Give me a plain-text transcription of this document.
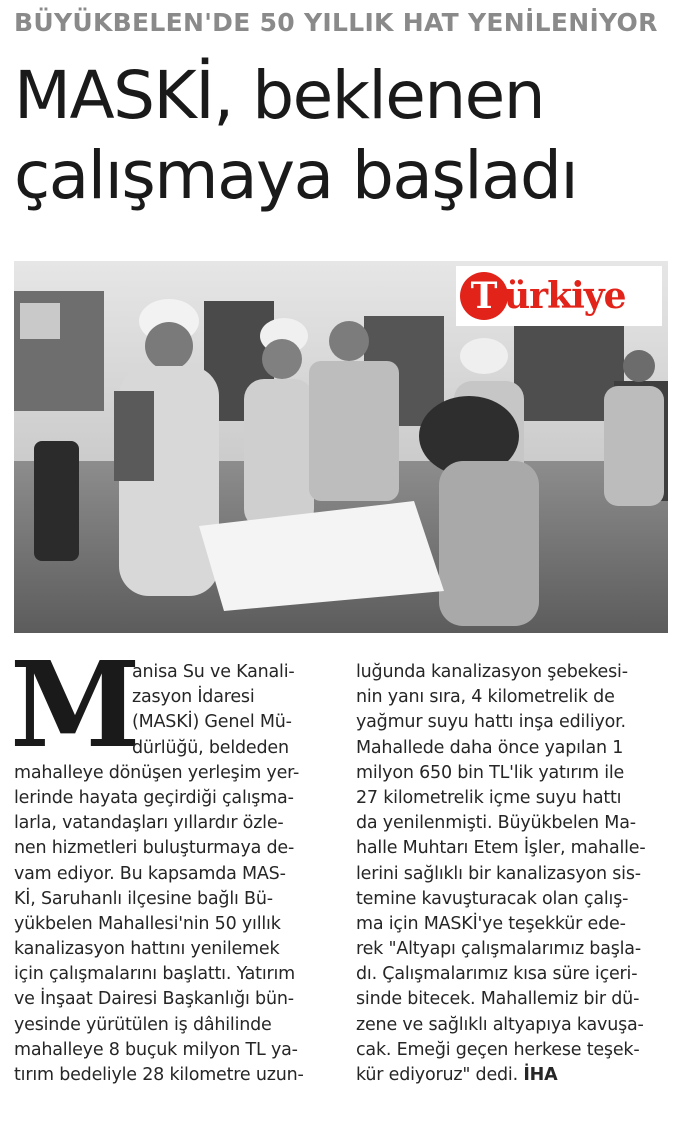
BÜYÜKBELEN'DE 50 YILLIK HAT YENİLENİYOR
MASKİ, beklenen
çalışmaya başladı
T ürkiye
M
anisa Su ve Kanali-
zasyon İdaresi
(MASKİ) Genel Mü-
dürlüğü, beldeden
mahalleye dönüşen yerleşim yer-
lerinde hayata geçirdiği çalışma-
larla, vatandaşları yıllardır özle-
nen hizmetleri buluşturmaya de-
vam ediyor. Bu kapsamda MAS-
Kİ, Saruhanlı ilçesine bağlı Bü-
yükbelen Mahallesi'nin 50 yıllık
kanalizasyon hattını yenilemek
için çalışmalarını başlattı. Yatırım
ve İnşaat Dairesi Başkanlığı bün-
yesinde yürütülen iş dâhilinde
mahalleye 8 buçuk milyon TL ya-
tırım bedeliyle 28 kilometre uzun-
luğunda kanalizasyon şebekesi-
nin yanı sıra, 4 kilometrelik de
yağmur suyu hattı inşa ediliyor.
Mahallede daha önce yapılan 1
milyon 650 bin TL'lik yatırım ile
27 kilometrelik içme suyu hattı
da yenilenmişti. Büyükbelen Ma-
halle Muhtarı Etem İşler, mahalle-
lerini sağlıklı bir kanalizasyon sis-
temine kavuşturacak olan çalış-
ma için MASKİ'ye teşekkür ede-
rek "Altyapı çalışmalarımız başla-
dı. Çalışmalarımız kısa süre içeri-
sinde bitecek. Mahallemiz bir dü-
zene ve sağlıklı altyapıya kavuşa-
cak. Emeği geçen herkese teşek-
kür ediyoruz" dedi. İHA
